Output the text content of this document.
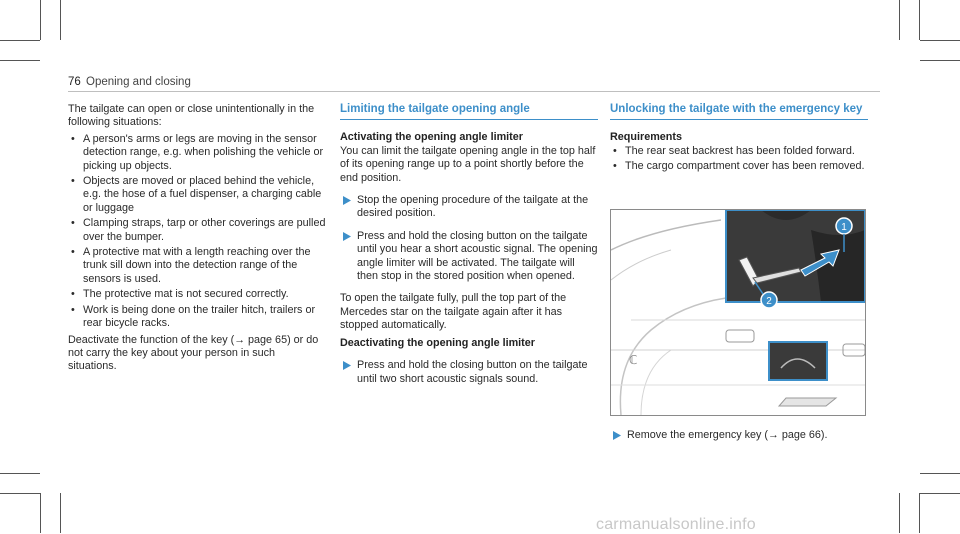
76 Opening and closing

The tailgate can open or close unintentionally in the following situations:

• A person's arms or legs are moving in the sensor detection range, e.g. when polishing the vehicle or picking up objects.

• Objects are moved or placed behind the vehicle, e.g. the hose of a fuel dispenser, a charging cable or luggage

• Clamping straps, tarp or other coverings are pulled over the bumper.

• A protective mat with a length reaching over the trunk sill down into the detection range of the sensors is used.

• The protective mat is not secured correctly.

• Work is being done on the trailer hitch, trailers or rear bicycle racks.

Deactivate the function of the key (→ page 65) or do not carry the key about your person in such situations.

Limiting the tailgate opening angle

Activating the opening angle limiter

You can limit the tailgate opening angle in the top half of its opening range up to a point shortly before the end position.

Stop the opening procedure of the tailgate at the desired position.
Press and hold the closing button on the tailgate until you hear a short acoustic signal. The opening angle limiter will be activated. The tailgate will then stop in the stored position when opened.

To open the tailgate fully, pull the top part of the Mercedes star on the tailgate again after it has stopped automatically.

Deactivating the opening angle limiter

Press and hold the closing button on the tailgate until two short acoustic signals sound.
Unlocking the tailgate with the emergency key

Requirements

• The rear seat backrest has been folded forward.

• The cargo compartment cover has been removed.

ℂ
1
2
Remove the emergency key (→ page 66).
carmanualsonline.info
